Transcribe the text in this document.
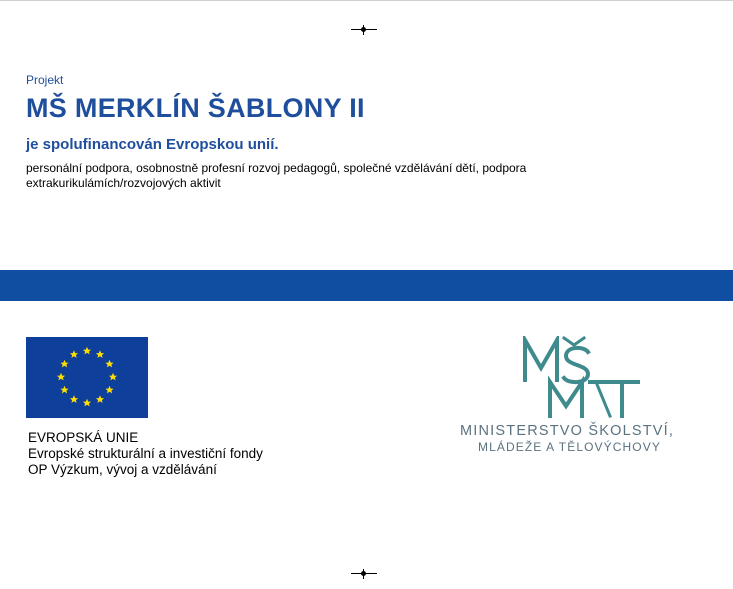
Projekt
MŠ MERKLÍN ŠABLONY II
je spolufinancován Evropskou unií.
personální podpora, osobnostně profesní rozvoj pedagogů, společné vzdělávání dětí, podpora extrakurikulámích/rozvojových aktivit
EVROPSKÁ UNIE
Evropské strukturální a investiční fondy
OP Výzkum, vývoj a vzdělávání
MINISTERSTVO ŠKOLSTVÍ,
MLÁDEŽE A TĚLOVÝCHOVY
